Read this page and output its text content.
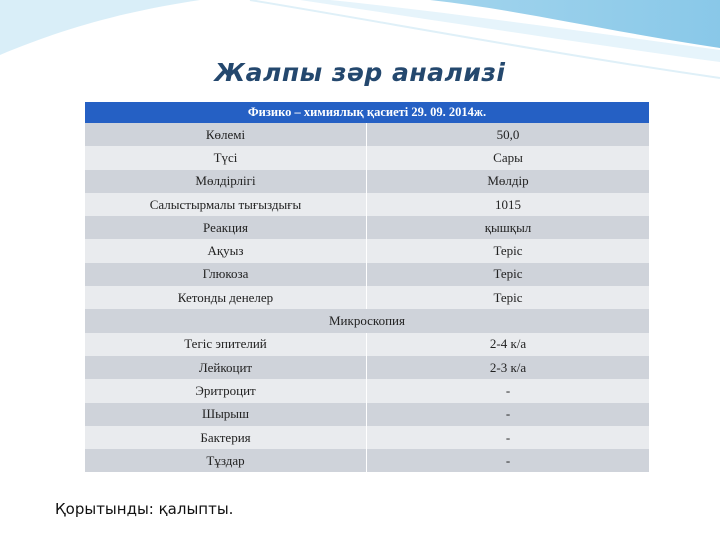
Жалпы зәр анализі
Физико – химиялық қасиеті 29. 09. 2014ж.
Көлемі	50,0
Түсі	Сары
Мөлдірлігі	Мөлдір
Салыстырмалы тығыздығы	1015
Реакция	қышқыл
Ақуыз	Теріс
Глюкоза	Теріс
Кетонды денелер	Теріс
Микроскопия
Тегіс эпителий	2-4 к/а
Лейкоцит	2-3 к/а
Эритроцит	-
Шырыш	-
Бактерия	-
Тұздар	-
Қорытынды: қалыпты.
